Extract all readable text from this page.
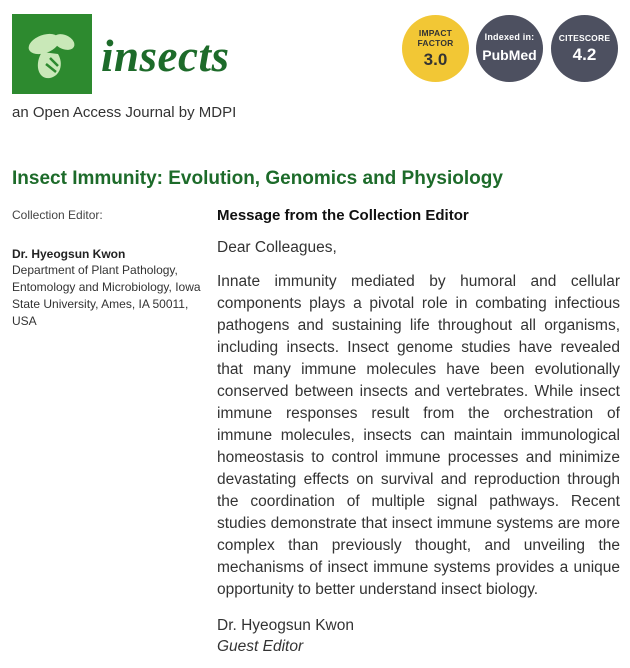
insects
an Open Access Journal by MDPI
IMPACT FACTOR
3.0
Indexed in:
PubMed
CITESCORE
4.2
Insect Immunity: Evolution, Genomics and Physiology
Collection Editor:
Dr. Hyeogsun Kwon
Department of Plant Pathology, Entomology and Microbiology, Iowa State University, Ames, IA 50011, USA
Message from the Collection Editor
Dear Colleagues,
Innate immunity mediated by humoral and cellular components plays a pivotal role in combating infectious pathogens and sustaining life throughout all organisms, including insects. Insect genome studies have revealed that many immune molecules have been evolutionally conserved between insects and vertebrates. While insect immune responses result from the orchestration of immune molecules, insects can maintain immunological homeostasis to control immune processes and minimize devastating effects on survival and reproduction through the coordination of multiple signal pathways. Recent studies demonstrate that insect immune systems are more complex than previously thought, and unveiling the mechanisms of insect immune systems provides a unique opportunity to better understand insect biology.
Dr. Hyeogsun Kwon
Guest Editor
